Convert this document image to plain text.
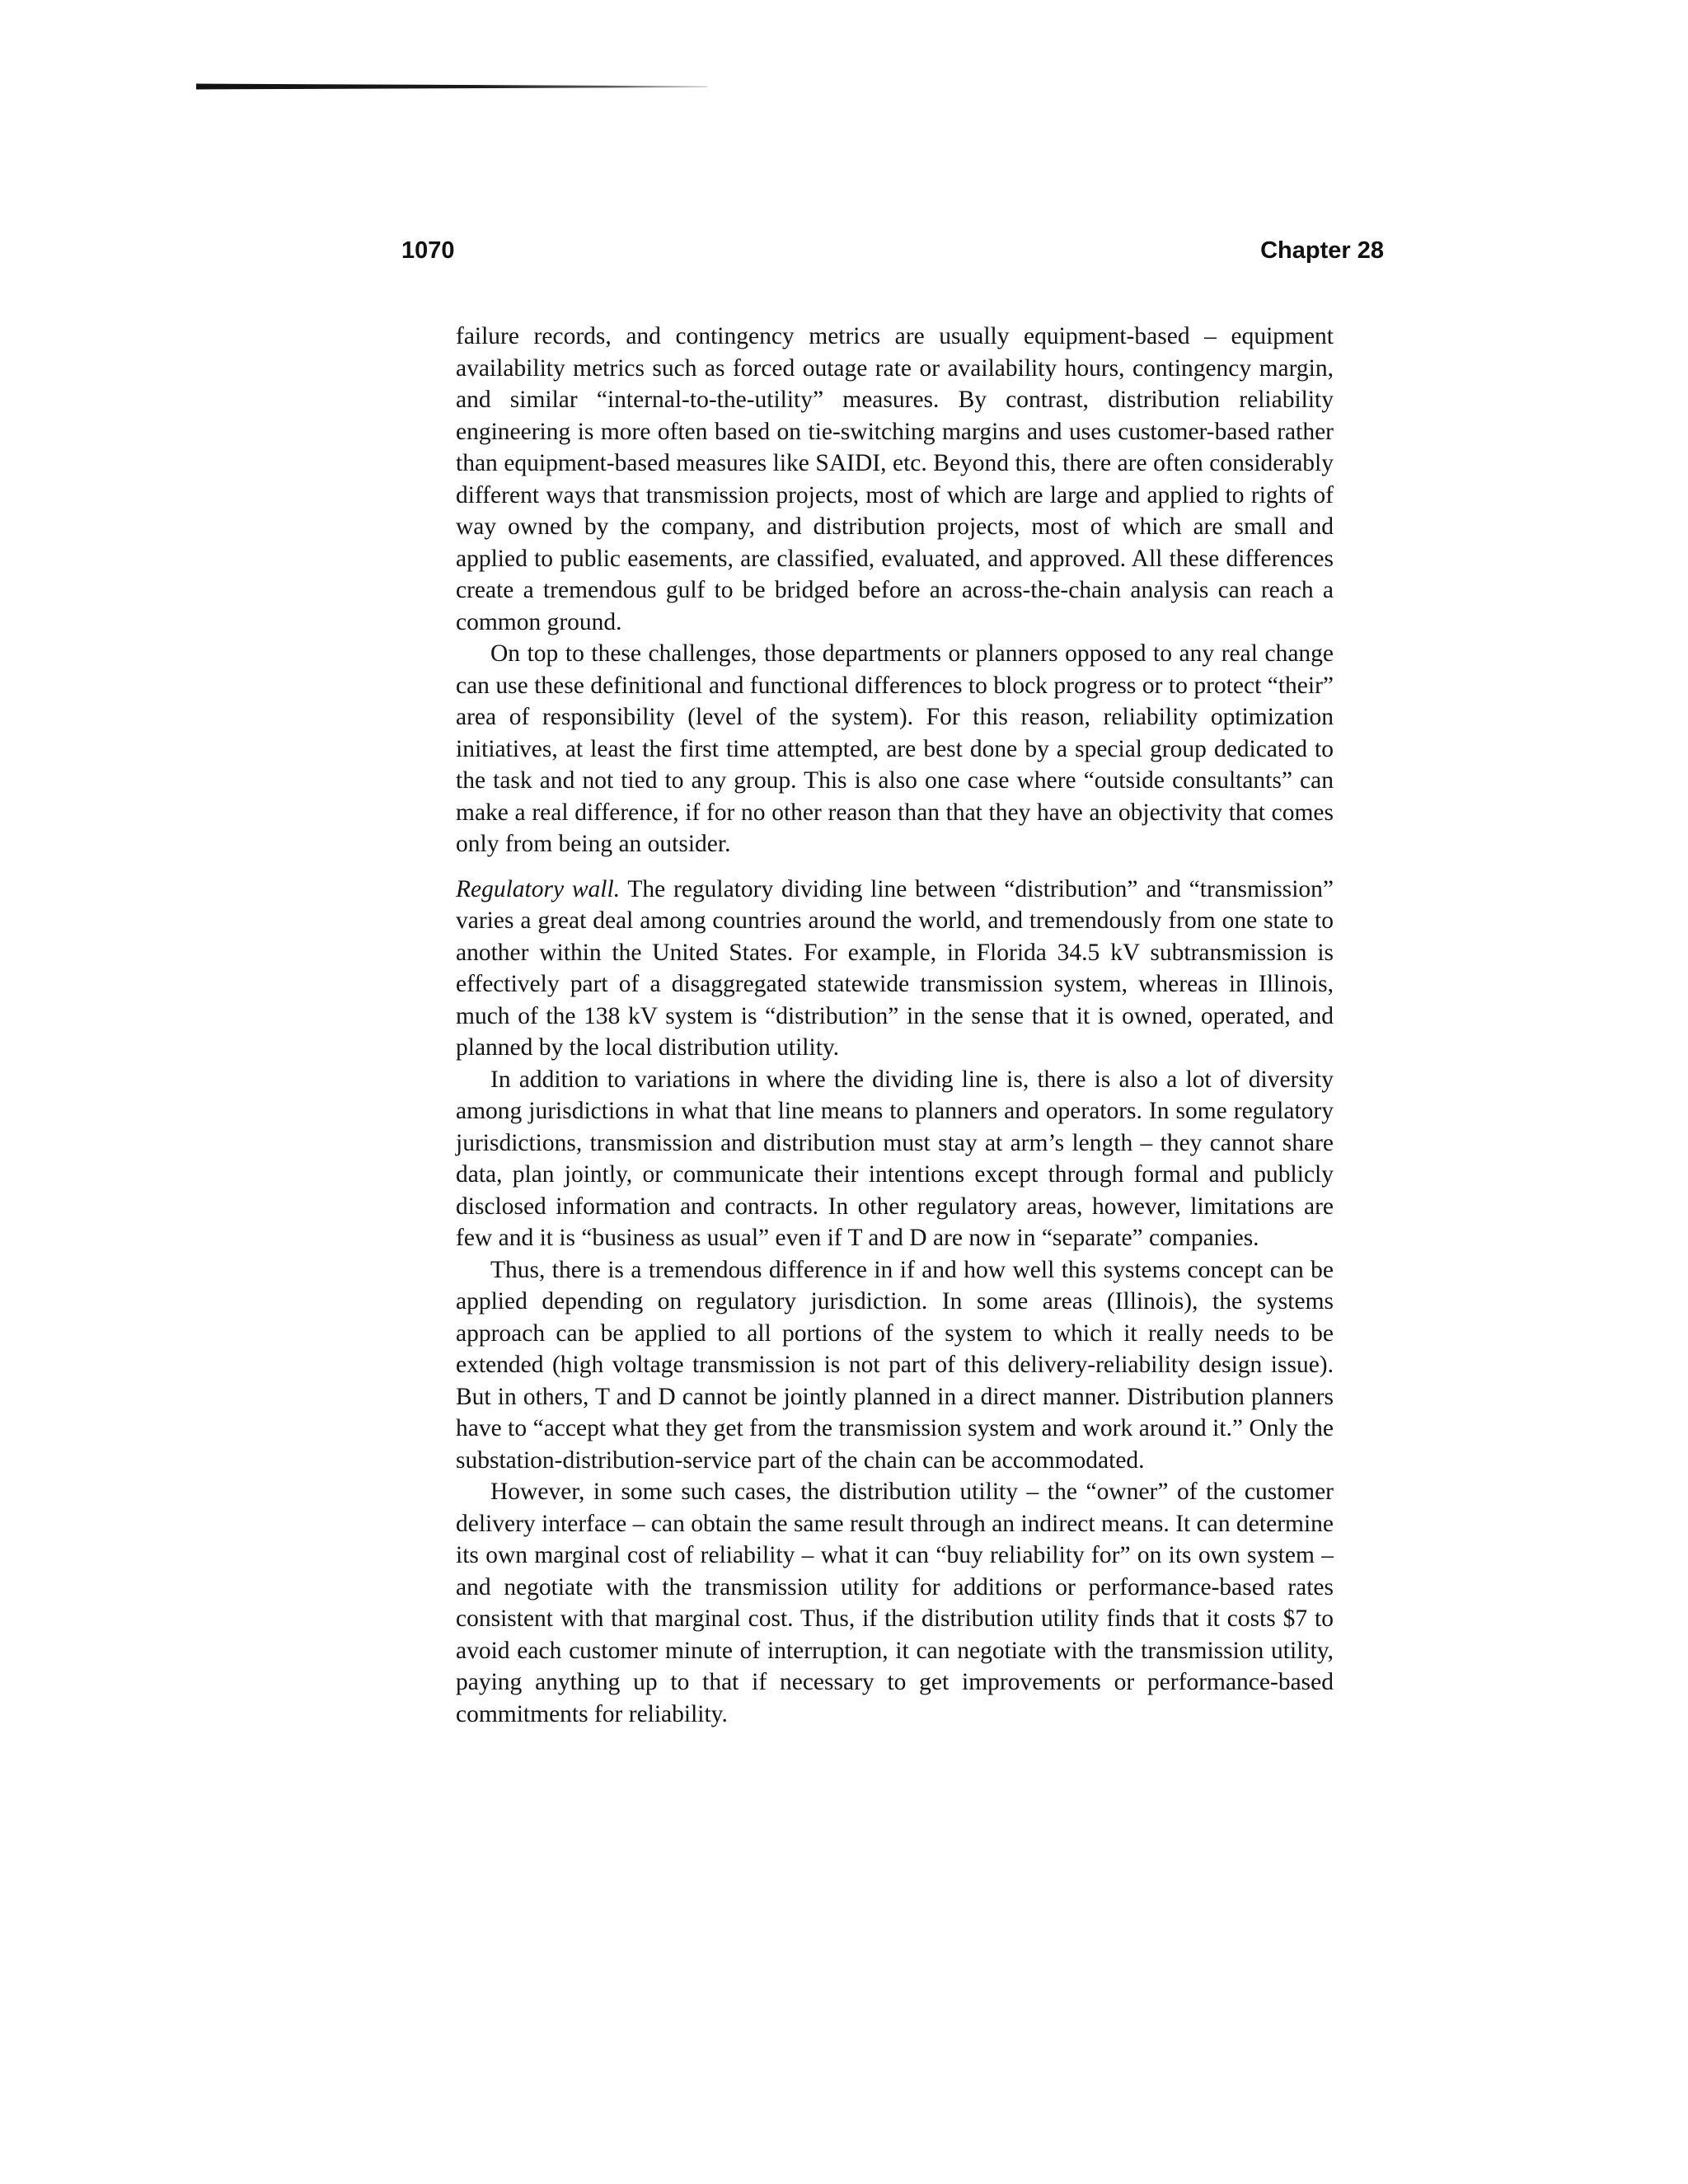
1070	Chapter 28

failure records, and contingency metrics are usually equipment-based – equipment availability metrics such as forced outage rate or availability hours, contingency margin, and similar “internal-to-the-utility” measures. By contrast, distribution reliability engineering is more often based on tie-switching margins and uses customer-based rather than equipment-based measures like SAIDI, etc. Beyond this, there are often considerably different ways that transmission projects, most of which are large and applied to rights of way owned by the company, and distribution projects, most of which are small and applied to public easements, are classified, evaluated, and approved. All these differences create a tremendous gulf to be bridged before an across-the-chain analysis can reach a common ground.

On top to these challenges, those departments or planners opposed to any real change can use these definitional and functional differences to block progress or to protect “their” area of responsibility (level of the system). For this reason, reliability optimization initiatives, at least the first time attempted, are best done by a special group dedicated to the task and not tied to any group. This is also one case where “outside consultants” can make a real difference, if for no other reason than that they have an objectivity that comes only from being an outsider.

Regulatory wall. The regulatory dividing line between “distribution” and “transmission” varies a great deal among countries around the world, and tremendously from one state to another within the United States. For example, in Florida 34.5 kV subtransmission is effectively part of a disaggregated statewide transmission system, whereas in Illinois, much of the 138 kV system is “distribution” in the sense that it is owned, operated, and planned by the local distribution utility.

In addition to variations in where the dividing line is, there is also a lot of diversity among jurisdictions in what that line means to planners and operators. In some regulatory jurisdictions, transmission and distribution must stay at arm’s length – they cannot share data, plan jointly, or communicate their intentions except through formal and publicly disclosed information and contracts. In other regulatory areas, however, limitations are few and it is “business as usual” even if T and D are now in “separate” companies.

Thus, there is a tremendous difference in if and how well this systems concept can be applied depending on regulatory jurisdiction. In some areas (Illinois), the systems approach can be applied to all portions of the system to which it really needs to be extended (high voltage transmission is not part of this delivery-reliability design issue). But in others, T and D cannot be jointly planned in a direct manner. Distribution planners have to “accept what they get from the transmission system and work around it.” Only the substation-distribution-service part of the chain can be accommodated.

However, in some such cases, the distribution utility – the “owner” of the customer delivery interface – can obtain the same result through an indirect means. It can determine its own marginal cost of reliability – what it can “buy reliability for” on its own system – and negotiate with the transmission utility for additions or performance-based rates consistent with that marginal cost. Thus, if the distribution utility finds that it costs $7 to avoid each customer minute of interruption, it can negotiate with the transmission utility, paying anything up to that if necessary to get improvements or performance-based commitments for reliability.
